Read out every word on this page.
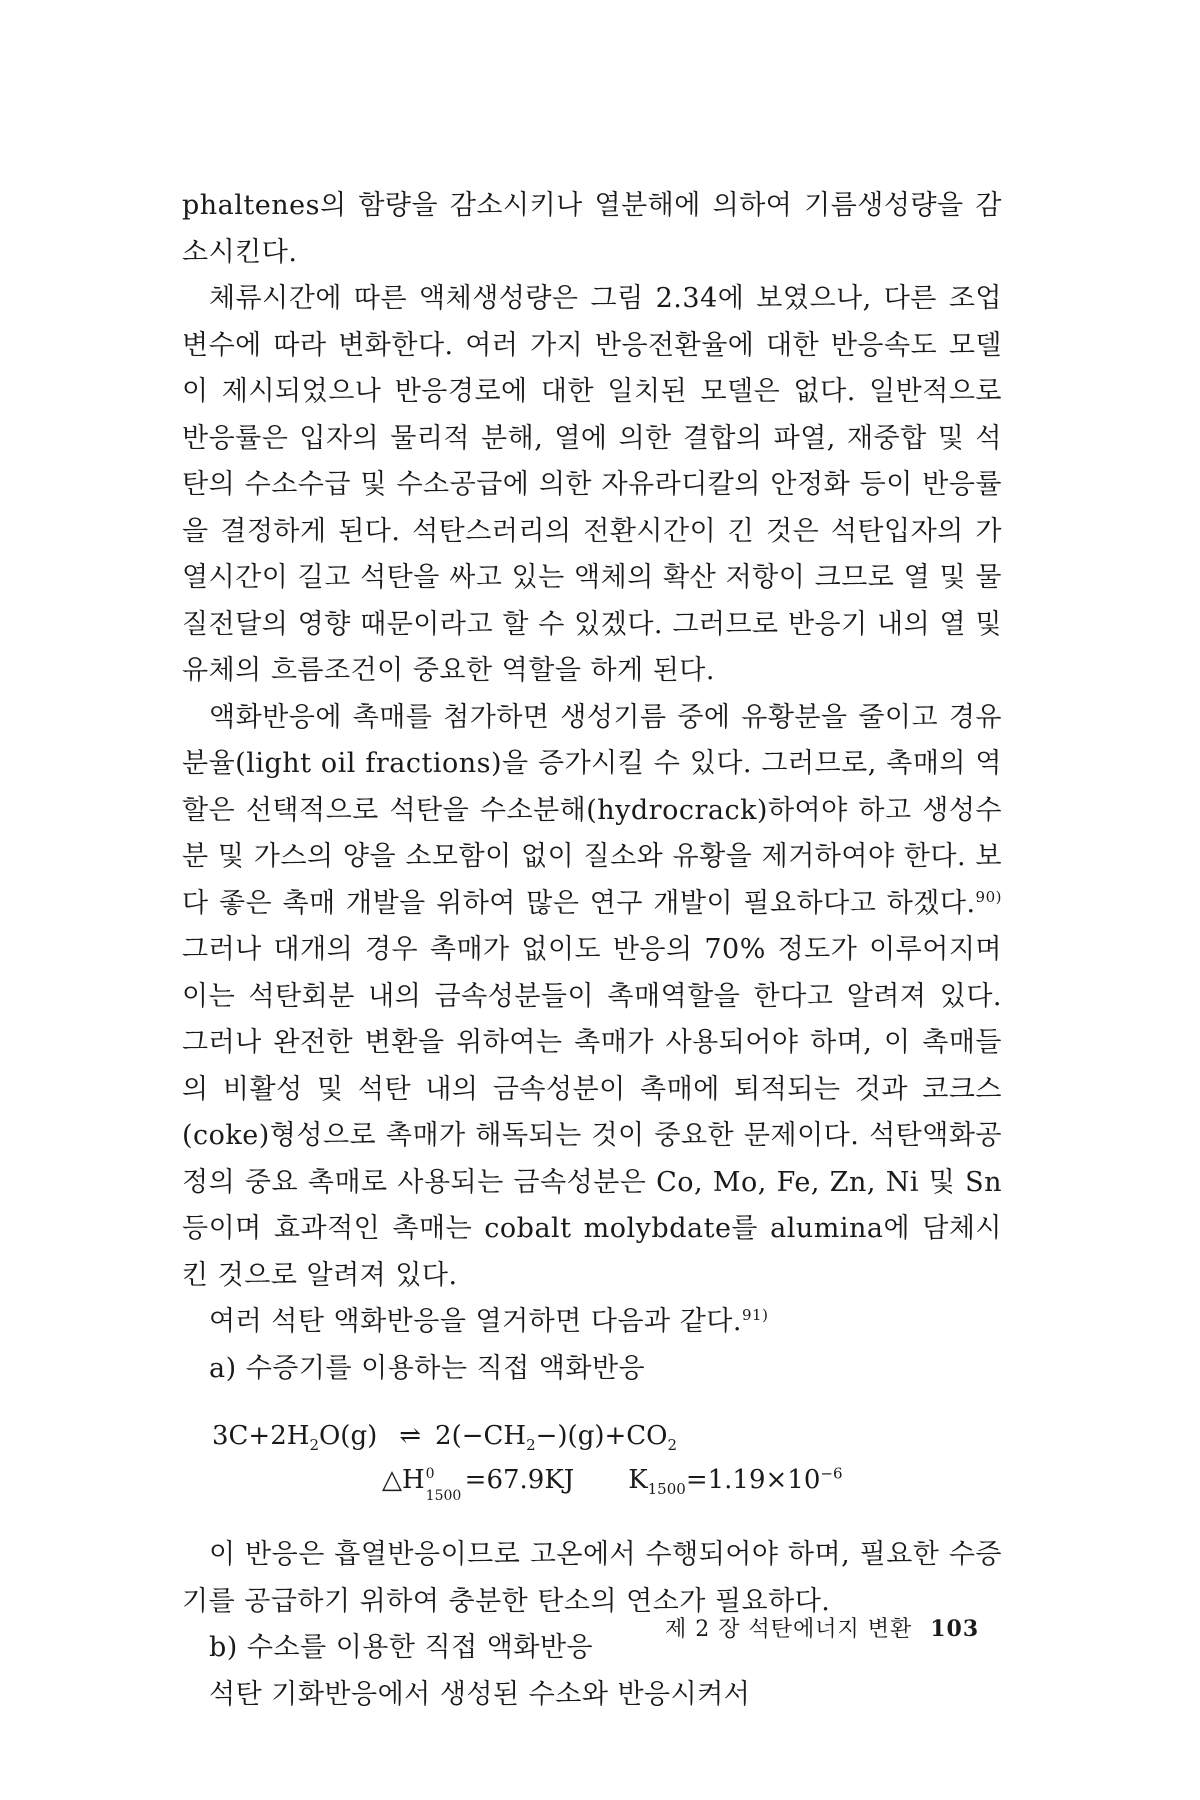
phaltenes의 함량을 감소시키나 열분해에 의하여 기름생성량을 감소시킨다.

체류시간에 따른 액체생성량은 그림 2.34에 보였으나, 다른 조업변수에 따라 변화한다. 여러 가지 반응전환율에 대한 반응속도 모델이 제시되었으나 반응경로에 대한 일치된 모델은 없다. 일반적으로 반응률은 입자의 물리적 분해, 열에 의한 결합의 파열, 재중합 및 석탄의 수소수급 및 수소공급에 의한 자유라디칼의 안정화 등이 반응률을 결정하게 된다. 석탄스러리의 전환시간이 긴 것은 석탄입자의 가열시간이 길고 석탄을 싸고 있는 액체의 확산 저항이 크므로 열 및 물질전달의 영향 때문이라고 할 수 있겠다. 그러므로 반응기 내의 열 및 유체의 흐름조건이 중요한 역할을 하게 된다.

액화반응에 촉매를 첨가하면 생성기름 중에 유황분을 줄이고 경유분율(light oil fractions)을 증가시킬 수 있다. 그러므로, 촉매의 역할은 선택적으로 석탄을 수소분해(hydrocrack)하여야 하고 생성수분 및 가스의 양을 소모함이 없이 질소와 유황을 제거하여야 한다. 보다 좋은 촉매 개발을 위하여 많은 연구 개발이 필요하다고 하겠다.$^{90)}$ 그러나 대개의 경우 촉매가 없이도 반응의 70% 정도가 이루어지며 이는 석탄회분 내의 금속성분들이 촉매역할을 한다고 알려져 있다. 그러나 완전한 변환을 위하여는 촉매가 사용되어야 하며, 이 촉매들의 비활성 및 석탄 내의 금속성분이 촉매에 퇴적되는 것과 코크스(coke)형성으로 촉매가 해독되는 것이 중요한 문제이다. 석탄액화공정의 중요 촉매로 사용되는 금속성분은 Co, Mo, Fe, Zn, Ni 및 Sn 등이며 효과적인 촉매는 cobalt molybdate를 alumina에 담체시킨 것으로 알려져 있다.

여러 석탄 액화반응을 열거하면 다음과 같다.$^{91)}$

a) 수증기를 이용하는 직접 액화반응

$3C+2H_2O(g)$ ⇌ $2(-CH_2-)(g)+CO_2$
△H 0
1500
=67.9KJ $K_{1500}=1.19\times 10^{-6}$

이 반응은 흡열반응이므로 고온에서 수행되어야 하며, 필요한 수증기를 공급하기 위하여 충분한 탄소의 연소가 필요하다.

b) 수소를 이용한 직접 액화반응

석탄 기화반응에서 생성된 수소와 반응시켜서

제 2 장 석탄에너지 변환 103
